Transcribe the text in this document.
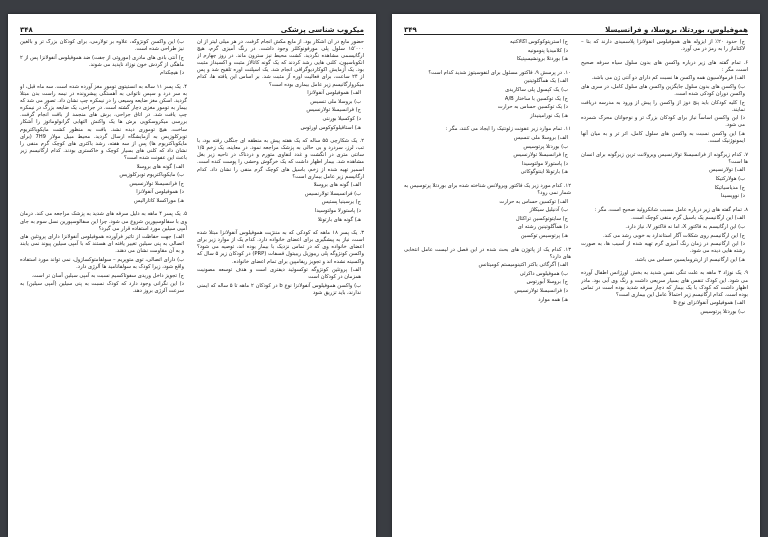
۳۴۸	میکروب شناسی پزشکی

حضور مایع در آن آشکار بود. از مایع مکش انجام گرفت. در هر میلی لیتر از آن ۱۵٬۰۰۰ سلول پلی مورفونوکلئر وجود داشت. در رنگ آمیزی گرم، هیچ ارگانیسمی مشاهده نگردید. کشت محیط نیز سترون ماند. در روز چهارم از انکوباسیون، کلنی هایی رشد کردند که یک گونه کاتالاز مثبت و اکسیداز مثبت بود. یک آزمایش اکوکاردیوگرافی انجام شد. یک اسپلنت اوره تلقیح شد و پس از ۲۴ ساعت، برای فعالیت اوره آز مثبت شد. بر اساس این یافته ها، کدام میکروارگانیسم زیر عامل بیماری بوده است؟

الف) هموفیلوس آنفولانزا

ب) بروسلا ملی تنسیس

ج) فرانسیسلا تولارنسیس

د) کوکسیلا بورنتی

هـ) استافیلوکوکوس اورئوس

۲. یک شکارچی ۵۵ ساله که یک هفته پیش به منطقه ای جنگلی رفته بود، با تب، لرز، سردرد و بی حالی به پزشک مراجعه نمود. در معاینه، یک زخم ۱/۵ سانتی متری در انگشت و غدد لنفاوی متورم و دردناک در ناحیه زیر بغل مشاهده شد. بیمار اظهار داشت که یک خرگوش وحشی را پوست کنده است. اسمیر تهیه شده از زخم، باسیل های کوچک گرم منفی را نشان داد. کدام ارگانیسم زیر عامل بیماری است؟

الف) گونه های بروسلا

ب) فرانسیسلا تولارنسیس

ج) یرسینیا پستیس

د) پاستورلا مولتوسیدا

هـ) گونه های بارتونلا

۳. یک پسر ۱۸ ماهه که کودکی که به مننژیت هموفیلوس آنفولانزا مبتلا شده است، نیاز به پیشگیری برای اعضای خانواده دارد. کدام یک از موارد زیر برای اعضای خانواده وی که در تماس نزدیک با بیمار بوده اند، توصیه می شود؟ واکسن کونژوگه پلی ریبوزیل ریبیتول فسفات (PRP) در کودکان زیر ۵ سال که واکسینه نشده اند و تجویز ریفامپین برای تمام اعضای خانواده.

الف) پروتئین کونژوگه توکسوئید دیفتری است و هدف توسعه مصونیت همزمان در کودکان است

ب) واکسن هموفیلوس آنفولانزا نوع b در کودکان ۲ ماهه تا ۵ ساله که ایمنی ندارند، باید تزریق شود

ب) این واکسن کونژوگه، علاوه بر تولارمی، برای کودکان بزرگ تر و بالغین نیز طراحی شده است.

ج) آنتی بادی های مادری (موروثی از جفت) ضد هموفیلوس آنفولانزا پس از ۲ ماهگی از گردش خون نوزاد ناپدید می شوند.

د) هیچکدام

۴. یک پسر ۱۱ ساله به انستیتوی تومور مغز آورده شده است. سه ماه قبل، او به سر درد و سپس ناتوانی به آهستگی پیشرونده در نیمه راست بدن مبتلا گردید. اسکن مغز ضایعه وسیعی را در نیمکره چپ نشان داد. تصور می شد که بیمار به تومور مغزی دچار گشته است. در جراحی، یک ضایعه بزرگ در نیمکره چپ یافت شد. در اتاق جراحی، برش های منجمد از بافت انجام گرفت. بررسی میکروسکوپی برش ها یک واکنش التهابی گرانولوماتوز را آشکار ساخت، هیچ توموری دیده نشد. بافت به منظور کشت مایکوباکتریوم توبرکلوزیس به آزمایشگاه ارسال گردید. محیط مبیل مولار 7H9 (برای مایکوباکتریوم ها) پس از سه هفته، رشد باکتری های کوچک گرم منفی را نشان داد که کلنی های بسیار کوچک و خاکستری بودند. کدام ارگانیسم زیر باعث این عفونت شده است؟

الف) گونه های بروسلا

ب) مایکوباکتریوم توبرکلوزیس

ج) فرانسیسلا تولارنسیس

د) هموفیلوس آنفولانزا

هـ) موراکسلا کاتارالیس

۵. یک پسر ۴ ماهه به دلیل سرفه های شدید به پزشک مراجعه می کند. درمان وی با سفالوسپورین شروع می شود. چرا این سفالوسپورین نسل سوم به جای آمپی سیلین مورد استفاده قرار می گیرد؟

الف) جهت حفاظت از تاثیر فرآورده هموفیلوس آنفولانزا دارای پروتئین های اتصالی به پنی سیلین تغییر یافته ای هستند که با آمپی سیلین پیوند نمی یابند و به آن مقاومت نشان می دهند.

ب) دارای اتصالی، توی متوپریم – سولفامتوکسازول، نمی تواند مورد استفاده واقع شود، زیرا کودک به سولفانامید ها آلرژی دارد.

ج) تجویز داخل وریدی سفوتاکسیم نسبت به آمپی سیلین آسان تر است.

د) این نگرانی وجود دارد که کودک نسبت به پنی سیلین (آمپی سیلین) به سرعت آلرژی بروز دهد.

۳۴۹	هموفیلوس، بوردتلا، بروسلا، و فرانسیسلا

ج) حدود ۲۰٪ از ایزوله های هموفیلوس آنفولانزا پلاسمیدی دارند که بتا – لاکتاماز را به رمز در می آورد.

۶. تمام گفته های زیر درباره واکسن های بدون سلول سیاه سرفه صحیح است، مگر :

الف) فرمولاسیون همه واکسن ها نسبت کم دارای دو آنتی ژن می باشد.

ب) واکسن های بدون سلول جایگزین واکسن های سلول کامل، در سری های واکسن دوران کودکی شده است.

ج) کلیه کودکان باید پنج دوز از واکسن را پیش از ورود به مدرسه دریافت نمایند.

د) این واکسن اساساً نیاز برای کودکان بزرگ تر و نوجوانان محرک شمرده می شود.

هـ) این واکسن نسبت به واکسن های سلول کامل، اثر تر و به میان آنها ایمونوژنیک است.

۷. کدام زیرگونه از فرانسیسلا تولارنسیس ویرولانت ترین زیرگونه برای انسان ها است؟

الف) تولارنسیس

ب) هولارکتیکا

ج) مدیاسیاتیکا

د) نوویسیدا

۸. تمام گفته های زیر درباره عامل مسبب شانکروئید صحیح است، مگر :

الف) این ارگانیسم یک باسیل گرم منفی کوچک است.

ب) این ارگانیسم به فاکتور X، اما نه فاکتور V، نیاز دارد.

ج) این ارگانیسم روی شکلات آگار استاندارد به خوبی رشد می کند.

د) این ارگانیسم در زمان رنگ آمیزی گرم تهیه شده از آسیب ها، به صورت رشته هایی دیده می شود.

هـ) این ارگانیسم از اریترومایسین حساس می باشد.

۹. یک نوزاد ۳ ماهه به علت تنگی نفس شدید به بخش اورژانس اطفال آورده می شود. این کودک تنفس های بسیار سریعی داشت و رنگ وی آبی بود. مادر اظهار داشت که کودک با یک بیمار که دچار سرفه شدید بوده است در تماس بوده است. کدام ارگانیسم زیر احتمالاً عامل این بیماری است؟

الف) هموفیلوس آنفولانزای نوع b

ب) بوردتلا پرتوسیس

ج) استرپتوکوکوس آگالاکتیه

د) کلامیدیا پنومونیه

هـ) بوردتلا برونشیسپتیکا

۱۰. در پرسش ۹، فاکتور مسئول برای لنفوسیتوز شدید کدام است؟

الف) یک همآگلوتینین

ب) یک کپسول پلی ساکاریدی

ج) یک توکسین با ساختار A/B

د) یک توکسین حساس به حرارت

هـ) یک نورامینیداز

۱۱. تمام موارد زیر عفونت زئونتیک را ایجاد می کنند، مگر :

الف) بروسلا ملی تنسیس

ب) بوردتلا پرتوسیس

ج) فرانسیسلا تولارنسیس

د) پاستورلا مولتوسیدا

هـ) بارتونلا اینتوگوکاتی

۱۲. کدام مورد زیر یک فاکتور ویرولانس شناخته شده برای بوردتلا پرتوسیس به شمار نمی رود؟

الف) توکسین حساس به حرارت

ب) آدنیلیل سیکلاز

ج) سایتوتوکسین تراکئال

د) همآگلوتینین رشته ای

هـ) پرتوسیس توکسین

۱۳. کدام یک از پاتوژن های بحث شده در این فصل در لیست عامل انتخابی های دارد؟

الف) آگرگاتی باکتر اکتینومیستم کومیتانس

ب) هموفیلوس داکرئی

ج) بروسلا آبورتوس

د) فرانسیسلا تولارنسیس

هـ) همه موارد
